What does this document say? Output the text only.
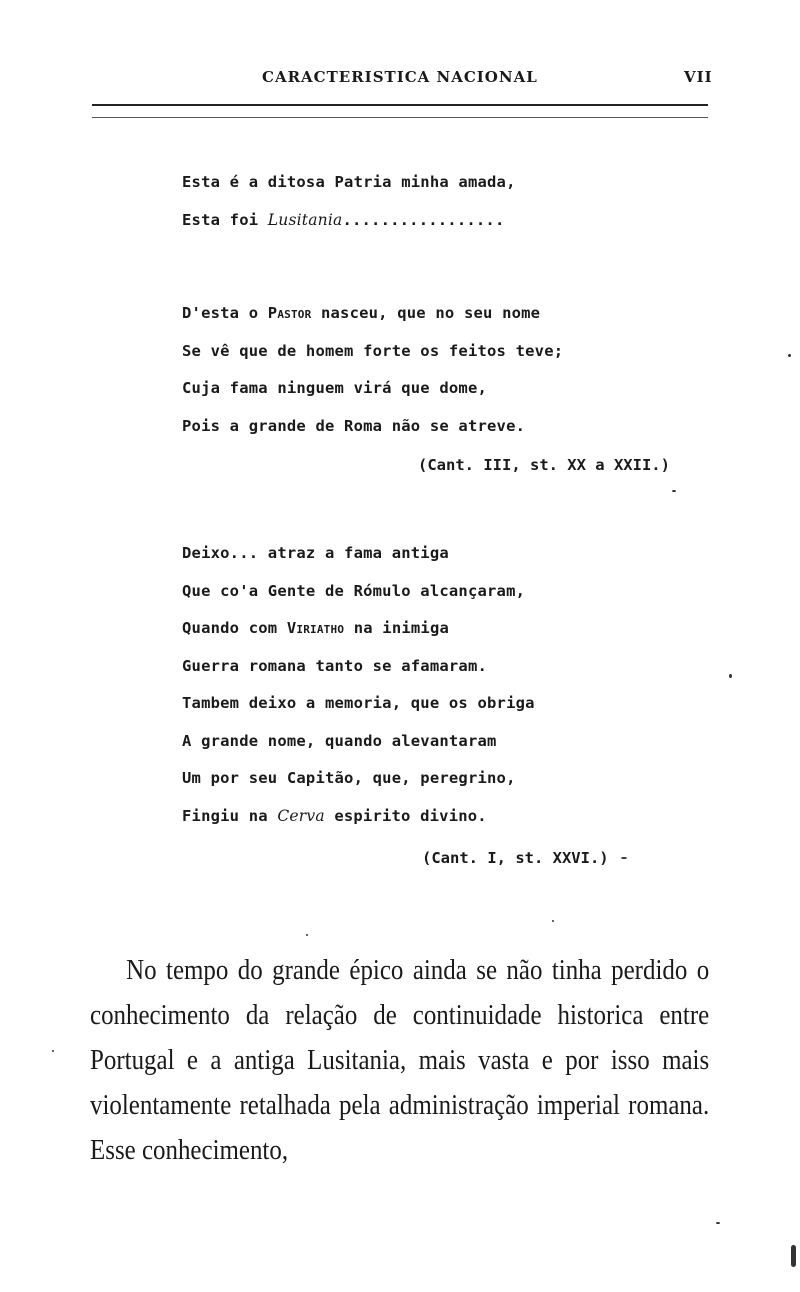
CARACTERISTICA NACIONAL	VII
Esta é a ditosa Patria minha amada,
Esta foi Lusitania.................
D'esta o Pastor nasceu, que no seu nome
Se vê que de homem forte os feitos teve;
Cuja fama ninguem virá que dome,
Pois a grande de Roma não se atreve.
(Cant. III, st. XX a XXII.)
Deixo... atraz a fama antiga
Que co'a Gente de Rómulo alcançaram,
Quando com Viriatho na inimiga
Guerra romana tanto se afamaram.
Tambem deixo a memoria, que os obriga
A grande nome, quando alevantaram
Um por seu Capitão, que, peregrino,
Fingiu na Cerva espirito divino.
(Cant. I, st. XXVI.)

No tempo do grande épico ainda se não tinha perdido o conhecimento da relação de continuidade historica entre Portugal e a antiga Lusitania, mais vasta e por isso mais violentamente retalhada pela administração imperial romana. Esse conhecimento,
